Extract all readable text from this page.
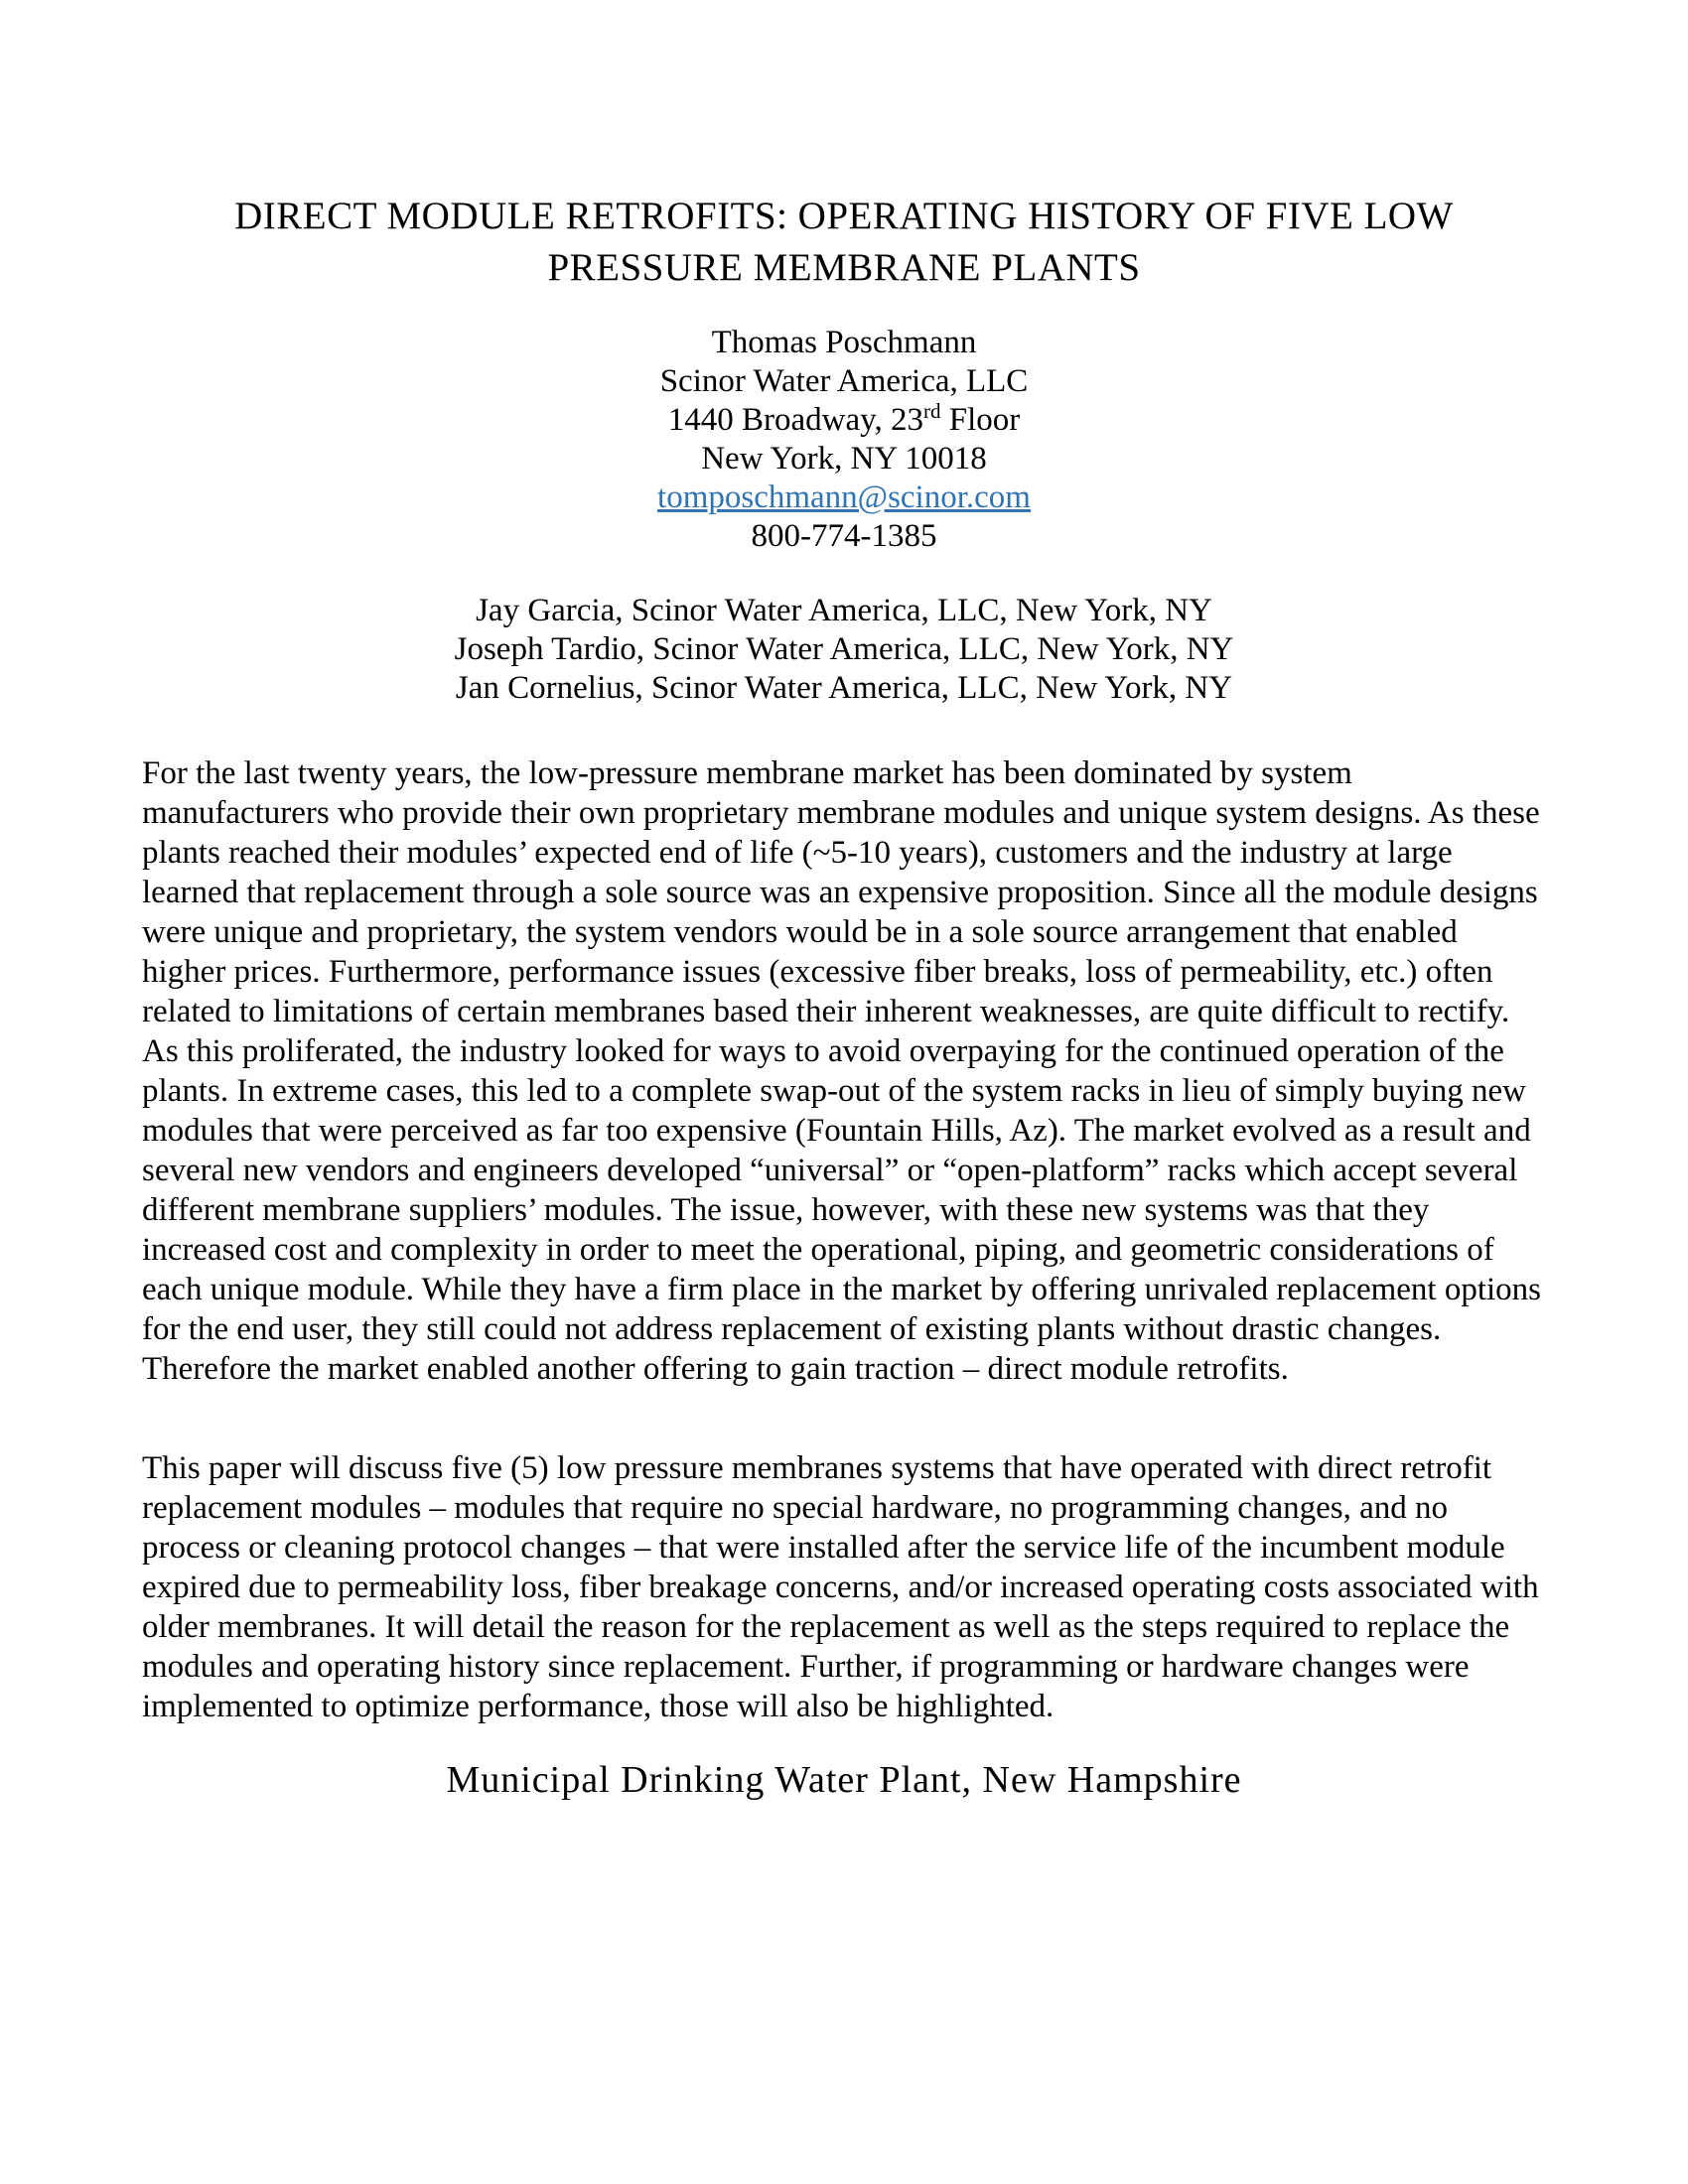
DIRECT MODULE RETROFITS: OPERATING HISTORY OF FIVE LOW
PRESSURE MEMBRANE PLANTS
Thomas Poschmann
Scinor Water America, LLC
1440 Broadway, 23rd Floor
New York, NY 10018
tomposchmann@scinor.com
800-774-1385
Jay Garcia, Scinor Water America, LLC, New York, NY
Joseph Tardio, Scinor Water America, LLC, New York, NY
Jan Cornelius, Scinor Water America, LLC, New York, NY

For the last twenty years, the low-pressure membrane market has been dominated by system manufacturers who provide their own proprietary membrane modules and unique system designs. As these plants reached their modules’ expected end of life (~5-10 years), customers and the industry at large learned that replacement through a sole source was an expensive proposition. Since all the module designs were unique and proprietary, the system vendors would be in a sole source arrangement that enabled higher prices. Furthermore, performance issues (excessive fiber breaks, loss of permeability, etc.) often related to limitations of certain membranes based their inherent weaknesses, are quite difficult to rectify. As this proliferated, the industry looked for ways to avoid overpaying for the continued operation of the plants. In extreme cases, this led to a complete swap-out of the system racks in lieu of simply buying new modules that were perceived as far too expensive (Fountain Hills, Az). The market evolved as a result and several new vendors and engineers developed “universal” or “open-platform” racks which accept several different membrane suppliers’ modules. The issue, however, with these new systems was that they increased cost and complexity in order to meet the operational, piping, and geometric considerations of each unique module. While they have a firm place in the market by offering unrivaled replacement options for the end user, they still could not address replacement of existing plants without drastic changes. Therefore the market enabled another offering to gain traction – direct module retrofits.

This paper will discuss five (5) low pressure membranes systems that have operated with direct retrofit replacement modules – modules that require no special hardware, no programming changes, and no process or cleaning protocol changes – that were installed after the service life of the incumbent module expired due to permeability loss, fiber breakage concerns, and/or increased operating costs associated with older membranes. It will detail the reason for the replacement as well as the steps required to replace the modules and operating history since replacement. Further, if programming or hardware changes were implemented to optimize performance, those will also be highlighted.

Municipal Drinking Water Plant, New Hampshire
